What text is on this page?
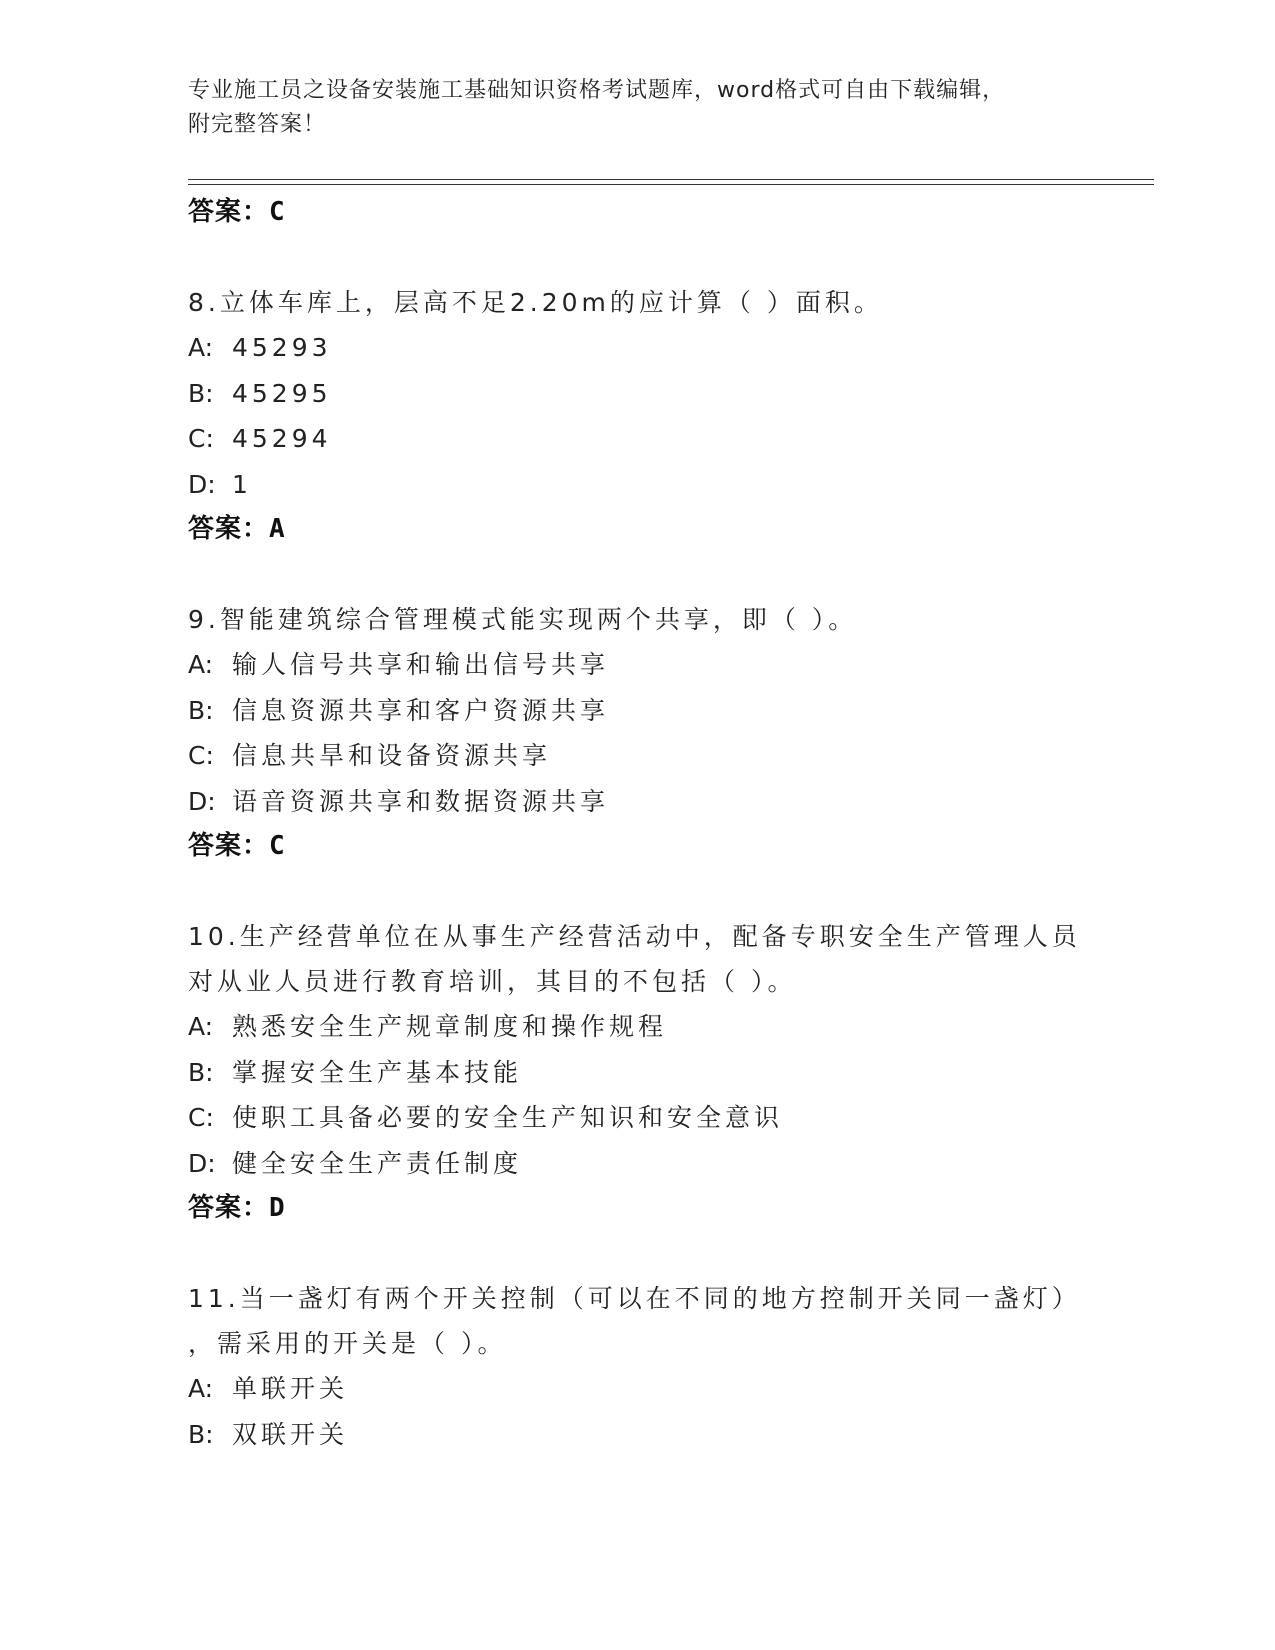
专业施工员之设备安装施工基础知识资格考试题库，word格式可自由下载编辑，
附完整答案！
答案：C
8.立体车库上，层高不足2.20m的应计算（ ）面积。
A: 45293
B: 45295
C: 45294
D: 1
答案：A
9.智能建筑综合管理模式能实现两个共享，即（ ）。
A: 输人信号共享和输出信号共享
B: 信息资源共享和客户资源共享
C: 信息共旱和设备资源共享
D: 语音资源共享和数据资源共享
答案：C
10.生产经营单位在从事生产经营活动中，配备专职安全生产管理人员
对从业人员进行教育培训，其目的不包括（ ）。
A: 熟悉安全生产规章制度和操作规程
B: 掌握安全生产基本技能
C: 使职工具备必要的安全生产知识和安全意识
D: 健全安全生产责任制度
答案：D
11.当一盏灯有两个开关控制（可以在不同的地方控制开关同一盏灯）
，需采用的开关是（ ）。
A: 单联开关
B: 双联开关
